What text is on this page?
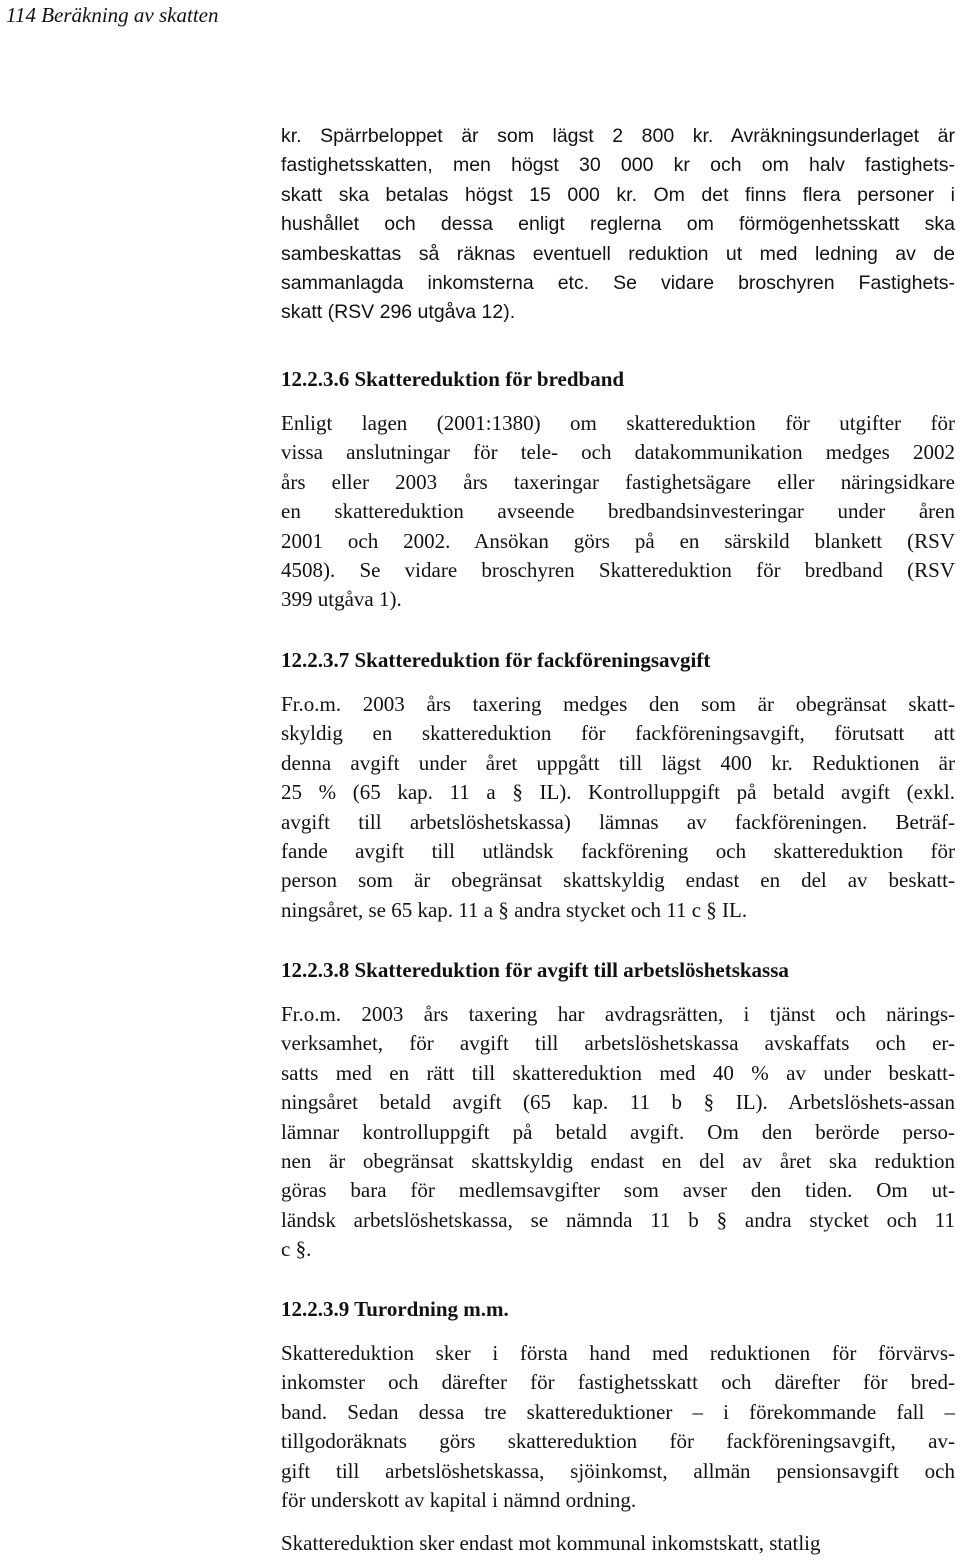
114 Beräkning av skatten
kr. Spärrbeloppet är som lägst 2 800 kr. Avräkningsunderlaget är
fastighetsskatten, men högst 30 000 kr och om halv fastighets-
skatt ska betalas högst 15 000 kr. Om det finns flera personer i
hushållet och dessa enligt reglerna om förmögenhetsskatt ska
sambeskattas så räknas eventuell reduktion ut med ledning av de
sammanlagda inkomsterna etc. Se vidare broschyren Fastighets-
skatt (RSV 296 utgåva 12).
12.2.3.6 Skattereduktion för bredband
Enligt lagen (2001:1380) om skattereduktion för utgifter för
vissa anslutningar för tele- och datakommunikation medges 2002
års eller 2003 års taxeringar fastighetsägare eller näringsidkare
en skattereduktion avseende bredbandsinvesteringar under åren
2001 och 2002. Ansökan görs på en särskild blankett (RSV
4508). Se vidare broschyren Skattereduktion för bredband (RSV
399 utgåva 1).
12.2.3.7 Skattereduktion för fackföreningsavgift
Fr.o.m. 2003 års taxering medges den som är obegränsat skatt-
skyldig en skattereduktion för fackföreningsavgift, förutsatt att
denna avgift under året uppgått till lägst 400 kr. Reduktionen är
25 % (65 kap. 11 a § IL). Kontrolluppgift på betald avgift (exkl.
avgift till arbetslöshetskassa) lämnas av fackföreningen. Beträf-
fande avgift till utländsk fackförening och skattereduktion för
person som är obegränsat skattskyldig endast en del av beskatt-
ningsåret, se 65 kap. 11 a § andra stycket och 11 c § IL.
12.2.3.8 Skattereduktion för avgift till arbetslöshetskassa
Fr.o.m. 2003 års taxering har avdragsrätten, i tjänst och närings-
verksamhet, för avgift till arbetslöshetskassa avskaffats och er-
satts med en rätt till skattereduktion med 40 % av under beskatt-
ningsåret betald avgift (65 kap. 11 b § IL). Arbetslöshets-assan
lämnar kontrolluppgift på betald avgift. Om den berörde perso-
nen är obegränsat skattskyldig endast en del av året ska reduktion
göras bara för medlemsavgifter som avser den tiden. Om ut-
ländsk arbetslöshetskassa, se nämnda 11 b § andra stycket och 11
c §.
12.2.3.9 Turordning m.m.
Skattereduktion sker i första hand med reduktionen för förvärvs-
inkomster och därefter för fastighetsskatt och därefter för bred-
band. Sedan dessa tre skattereduktioner – i förekommande fall –
tillgodoräknats görs skattereduktion för fackföreningsavgift, av-
gift till arbetslöshetskassa, sjöinkomst, allmän pensionsavgift och
för underskott av kapital i nämnd ordning.
Skattereduktion sker endast mot kommunal inkomstskatt, statlig
